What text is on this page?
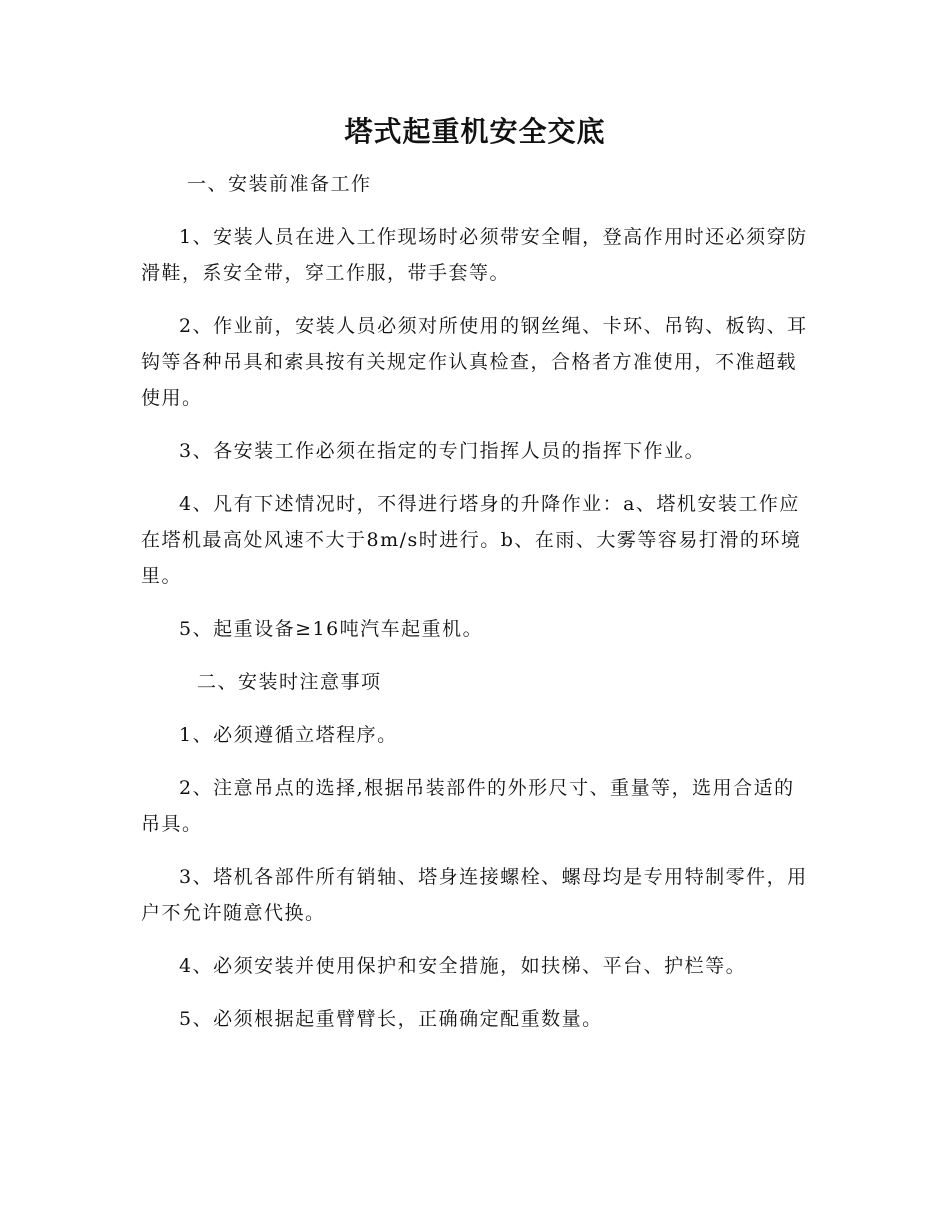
塔式起重机安全交底

一、安装前准备工作

1、安装人员在进入工作现场时必须带安全帽，登高作用时还必须穿防滑鞋，系安全带，穿工作服，带手套等。

2、作业前，安装人员必须对所使用的钢丝绳、卡环、吊钩、板钩、耳钩等各种吊具和索具按有关规定作认真检查，合格者方准使用，不准超载使用。

3、各安装工作必须在指定的专门指挥人员的指挥下作业。

4、凡有下述情况时，不得进行塔身的升降作业：a、塔机安装工作应在塔机最高处风速不大于8m/s时进行。b、在雨、大雾等容易打滑的环境里。

5、起重设备≥16吨汽车起重机。

二、安装时注意事项

1、必须遵循立塔程序。

2、注意吊点的选择,根据吊装部件的外形尺寸、重量等，选用合适的吊具。

3、塔机各部件所有销轴、塔身连接螺栓、螺母均是专用特制零件，用户不允许随意代换。

4、必须安装并使用保护和安全措施，如扶梯、平台、护栏等。

5、必须根据起重臂臂长，正确确定配重数量。
